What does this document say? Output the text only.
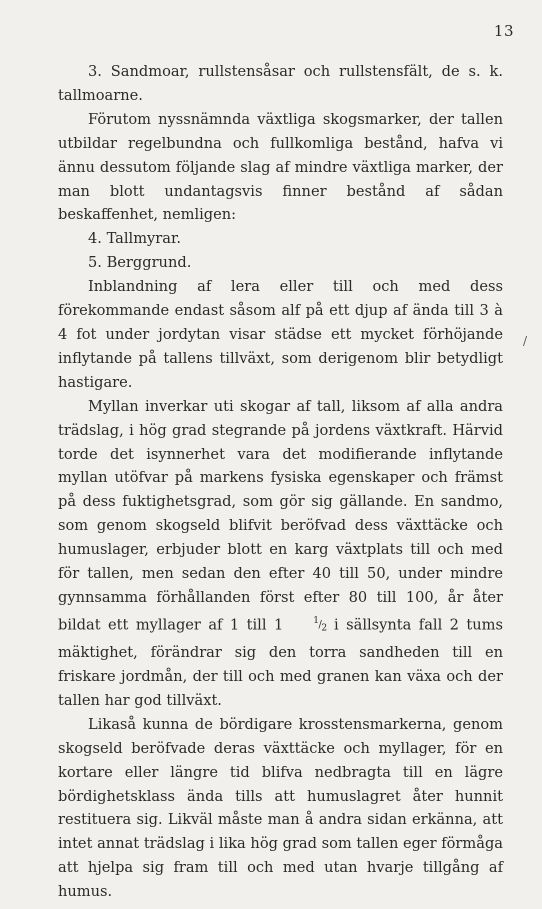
13

3. Sandmoar, rullstensåsar och rullstensfält, de s. k. tallmoarne.

Förutom nyssnämnda växtliga skogsmarker, der tallen utbildar regelbundna och fullkomliga bestånd, hafva vi ännu dessutom följande slag af mindre växtliga marker, der man blott undantagsvis finner bestånd af sådan beskaffenhet, nemligen:

4. Tallmyrar.

5. Berggrund.

Inblandning af lera eller till och med dess förekommande endast såsom alf på ett djup af ända till 3 à 4 fot under jordytan visar städse ett mycket förhöjande inflytande på tallens tillväxt, som derigenom blir betydligt hastigare.

Myllan inverkar uti skogar af tall, liksom af alla andra trädslag, i hög grad stegrande på jordens växtkraft. Härvid torde det isynnerhet vara det modifierande inflytande myllan utöfvar på markens fysiska egenskaper och främst på dess fuktighetsgrad, som gör sig gällande. En sandmo, som genom skogseld blifvit beröfvad dess växttäcke och humuslager, erbjuder blott en karg växtplats till och med för tallen, men sedan den efter 40 till 50, under mindre gynnsamma förhållanden först efter 80 till 100, år åter bildat ett myllager af 1 till 1	$^1/_2$ i sällsynta fall 2 tums mäktighet, förändrar sig den torra sandheden till en friskare jordmån, der till och med granen kan växa och der tallen har god tillväxt.

Likaså kunna de bördigare krosstensmarkerna, genom skogseld beröfvade deras växttäcke och myllager, för en kortare eller längre tid blifva nedbragta till en lägre bördighetsklass ända tills att humuslagret åter hunnit restituera sig. Likväl måste man å andra sidan erkänna, att intet annat trädslag i lika hög grad som tallen eger förmåga att hjelpa sig fram till och med utan hvarje tillgång af humus.

/
